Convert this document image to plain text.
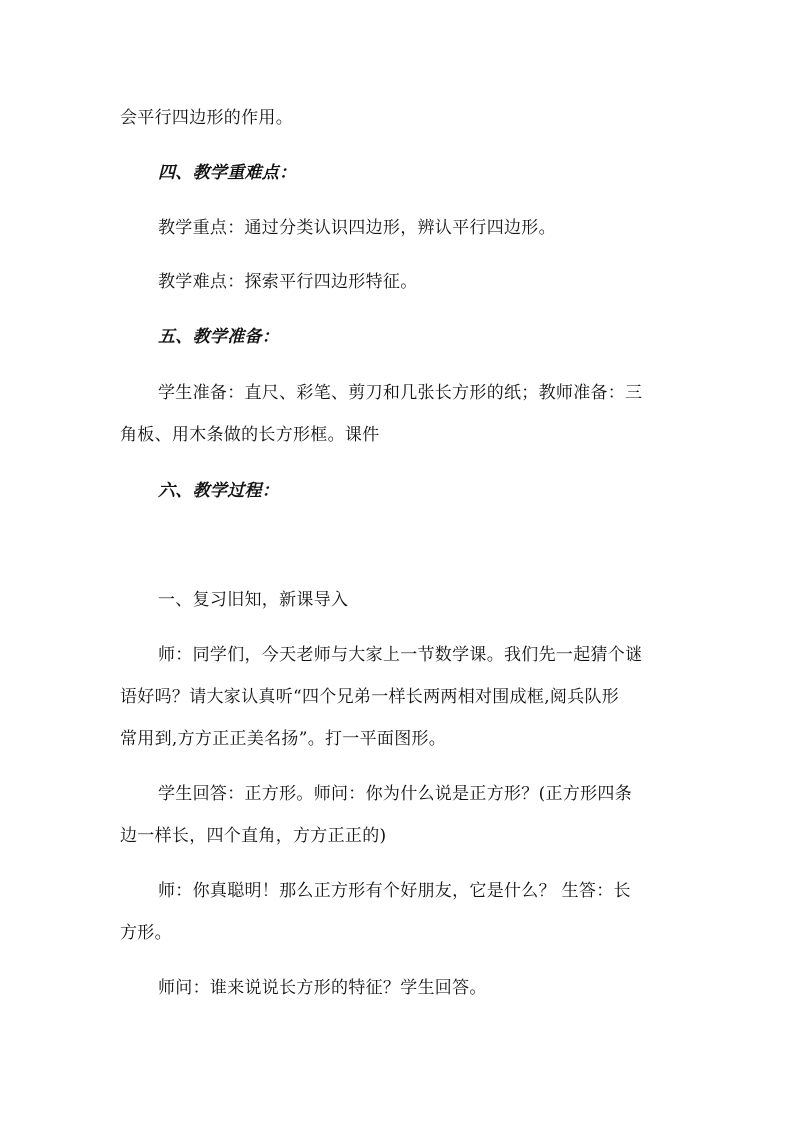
会平行四边形的作用。
四、教学重难点：
教学重点：通过分类认识四边形，辨认平行四边形。
教学难点：探索平行四边形特征。
五、教学准备：
学生准备：直尺、彩笔、剪刀和几张长方形的纸；教师准备：三
角板、用木条做的长方形框。课件
六、教学过程：
一、复习旧知，新课导入
师：同学们，今天老师与大家上一节数学课。我们先一起猜个谜
语好吗？请大家认真听“四个兄弟一样长两两相对围成框,阅兵队形
常用到,方方正正美名扬”。打一平面图形。
学生回答：正方形。师问：你为什么说是正方形？(正方形四条
边一样长，四个直角，方方正正的)
师：你真聪明！那么正方形有个好朋友，它是什么？ 生答：长
方形。
师问：谁来说说长方形的特征？学生回答。
